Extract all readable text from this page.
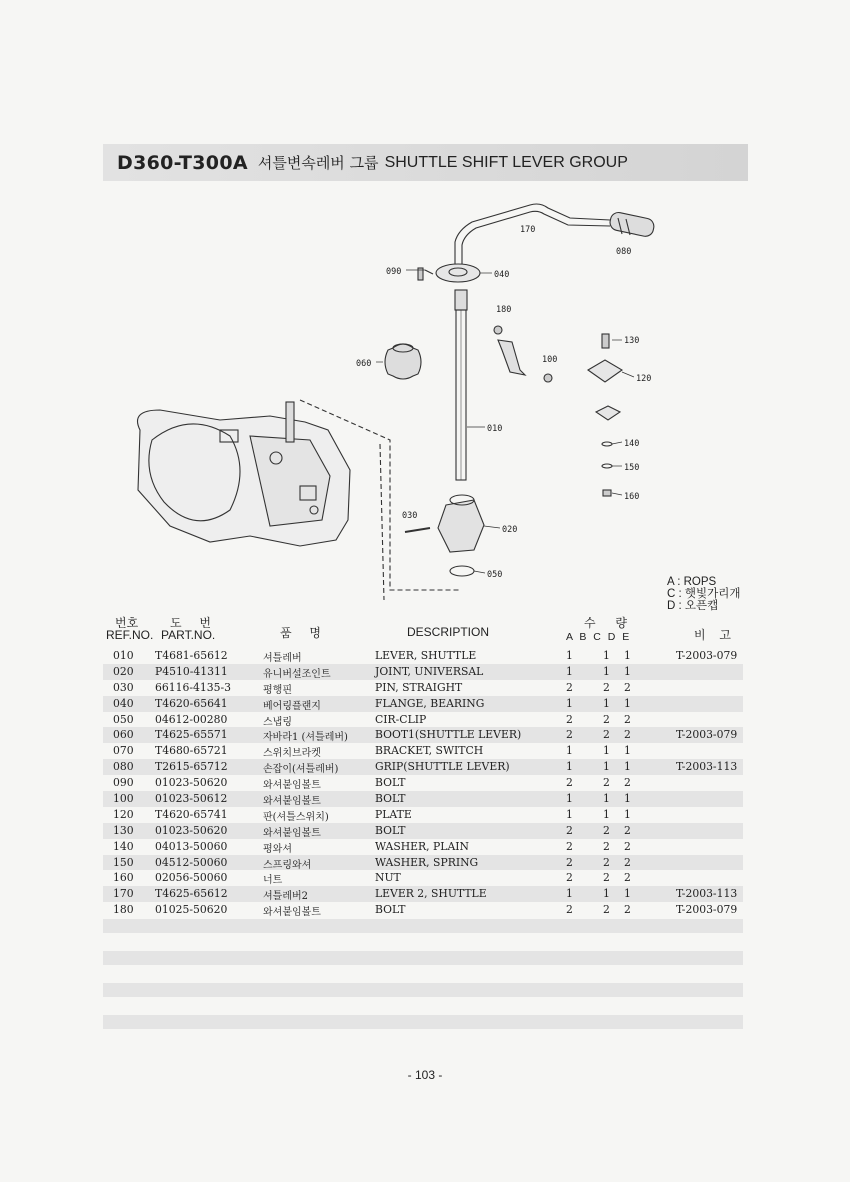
D360-T300A 셔틀변속레버 그룹 SHUTTLE SHIFT LEVER GROUP
170
080
090	040
180
130
060	100
120
010
140
150
160
030
020
050
A : ROPS
C : 햇빛가리개
D : 오픈캡
번호
REF.NO.
도 번
PART.NO.	품 명	DESCRIPTION
수 량
A B C D E	비 고
010 T4681-65612	셔틀레버	LEVER, SHUTTLE	1	1 1	T-2003-079
020 P4510-41311	유니버설조인트	JOINT, UNIVERSAL	1	1 1
030 66116-4135-3	평행핀	PIN, STRAIGHT	2	2 2
040 T4620-65641	베어링플랜지	FLANGE, BEARING	1	1 1
050 04612-00280	스냅링	CIR-CLIP	2	2 2
060 T4625-65571	자바라1 (셔틀레버)	BOOT1(SHUTTLE LEVER)	2	2 2	T-2003-079
070 T4680-65721	스위치브라켓	BRACKET, SWITCH	1	1 1
080 T2615-65712	손잡이(셔틀레버)	GRIP(SHUTTLE LEVER)	1	1 1	T-2003-113
090 01023-50620	와셔붙임볼트	BOLT	2	2 2
100 01023-50612	와셔붙임볼트	BOLT	1	1 1
120 T4620-65741	판(셔틀스위치)	PLATE	1	1 1
130 01023-50620	와셔붙임볼트	BOLT	2	2 2
140 04013-50060	평와셔	WASHER, PLAIN	2	2 2
150 04512-50060	스프링와셔	WASHER, SPRING	2	2 2
160 02056-50060	너트	NUT	2	2 2
170 T4625-65612	셔틀레버2	LEVER 2, SHUTTLE	1	1 1	T-2003-113
180 01025-50620	와셔붙임볼트	BOLT	2	2 2	T-2003-079
- 103 -
